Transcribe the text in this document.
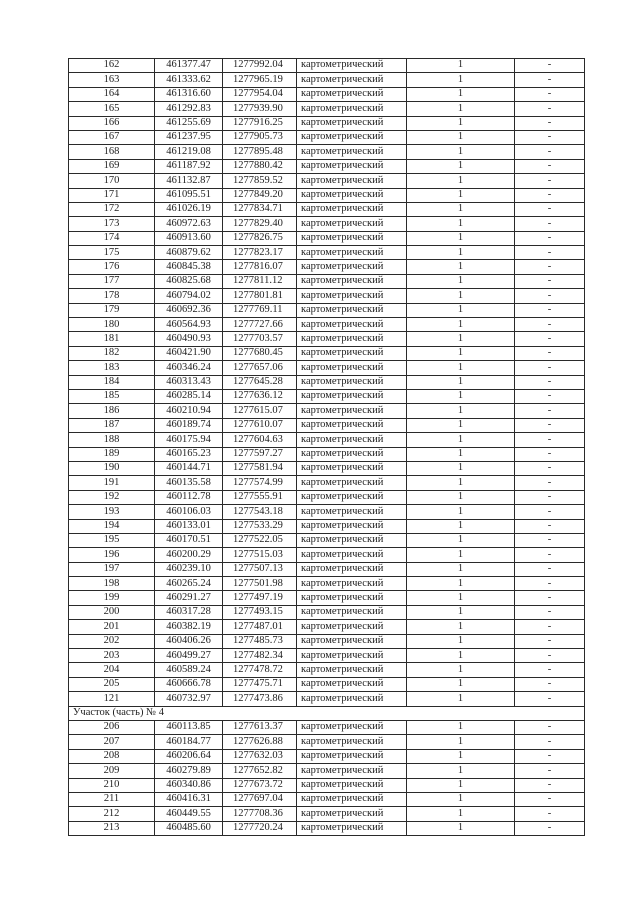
162	461377.47	1277992.04	картометрический	1	-
163	461333.62	1277965.19	картометрический	1	-
164	461316.60	1277954.04	картометрический	1	-
165	461292.83	1277939.90	картометрический	1	-
166	461255.69	1277916.25	картометрический	1	-
167	461237.95	1277905.73	картометрический	1	-
168	461219.08	1277895.48	картометрический	1	-
169	461187.92	1277880.42	картометрический	1	-
170	461132.87	1277859.52	картометрический	1	-
171	461095.51	1277849.20	картометрический	1	-
172	461026.19	1277834.71	картометрический	1	-
173	460972.63	1277829.40	картометрический	1	-
174	460913.60	1277826.75	картометрический	1	-
175	460879.62	1277823.17	картометрический	1	-
176	460845.38	1277816.07	картометрический	1	-
177	460825.68	1277811.12	картометрический	1	-
178	460794.02	1277801.81	картометрический	1	-
179	460692.36	1277769.11	картометрический	1	-
180	460564.93	1277727.66	картометрический	1	-
181	460490.93	1277703.57	картометрический	1	-
182	460421.90	1277680.45	картометрический	1	-
183	460346.24	1277657.06	картометрический	1	-
184	460313.43	1277645.28	картометрический	1	-
185	460285.14	1277636.12	картометрический	1	-
186	460210.94	1277615.07	картометрический	1	-
187	460189.74	1277610.07	картометрический	1	-
188	460175.94	1277604.63	картометрический	1	-
189	460165.23	1277597.27	картометрический	1	-
190	460144.71	1277581.94	картометрический	1	-
191	460135.58	1277574.99	картометрический	1	-
192	460112.78	1277555.91	картометрический	1	-
193	460106.03	1277543.18	картометрический	1	-
194	460133.01	1277533.29	картометрический	1	-
195	460170.51	1277522.05	картометрический	1	-
196	460200.29	1277515.03	картометрический	1	-
197	460239.10	1277507.13	картометрический	1	-
198	460265.24	1277501.98	картометрический	1	-
199	460291.27	1277497.19	картометрический	1	-
200	460317.28	1277493.15	картометрический	1	-
201	460382.19	1277487.01	картометрический	1	-
202	460406.26	1277485.73	картометрический	1	-
203	460499.27	1277482.34	картометрический	1	-
204	460589.24	1277478.72	картометрический	1	-
205	460666.78	1277475.71	картометрический	1	-
121	460732.97	1277473.86	картометрический	1	-
Участок (часть) № 4					
206	460113.85	1277613.37	картометрический	1	-
207	460184.77	1277626.88	картометрический	1	-
208	460206.64	1277632.03	картометрический	1	-
209	460279.89	1277652.82	картометрический	1	-
210	460340.86	1277673.72	картометрический	1	-
211	460416.31	1277697.04	картометрический	1	-
212	460449.55	1277708.36	картометрический	1	-
213	460485.60	1277720.24	картометрический	1	-
